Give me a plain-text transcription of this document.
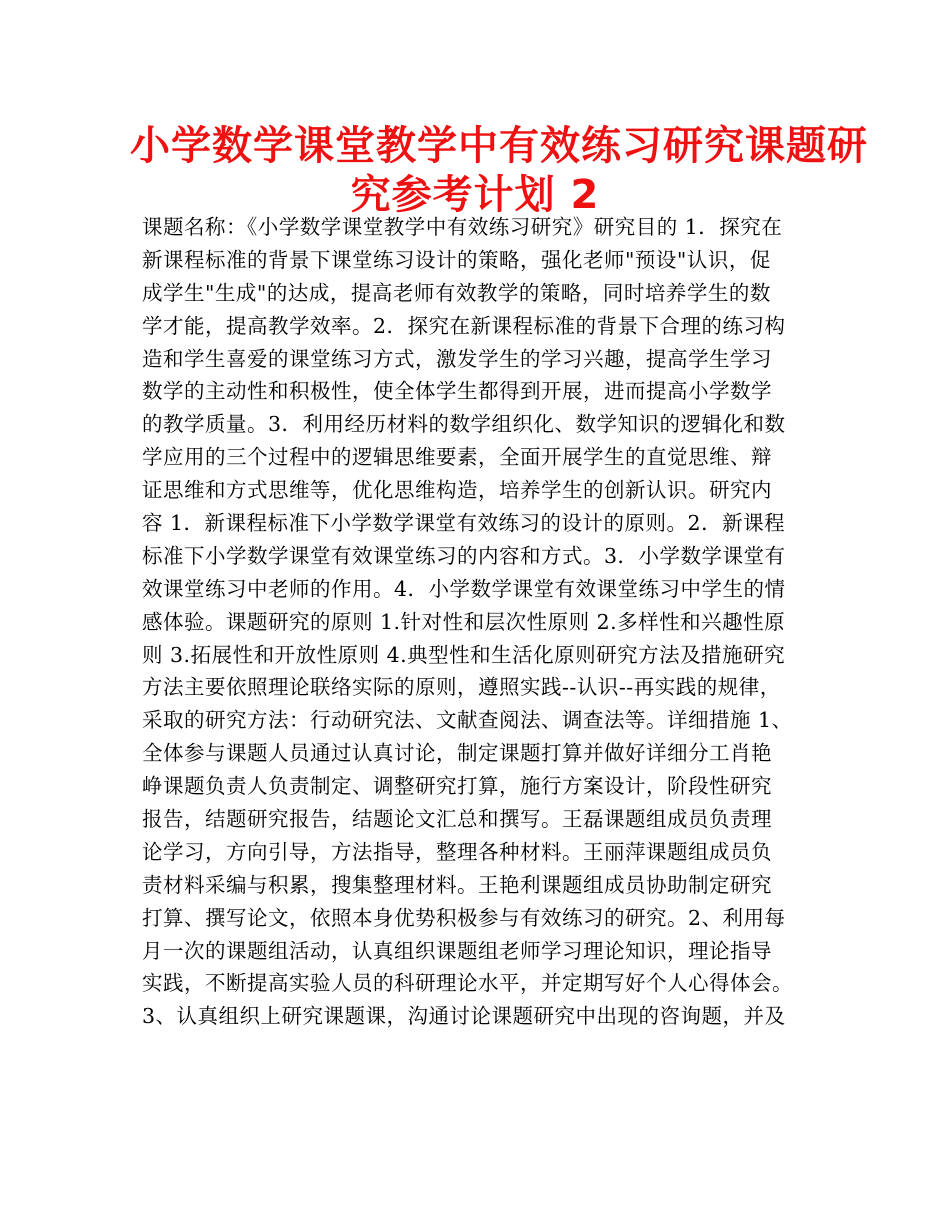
小学数学课堂教学中有效练习研究课题研
究参考计划 2
课题名称：《小学数学课堂教学中有效练习研究》研究目的 1．探究在
新课程标准的背景下课堂练习设计的策略，强化老师"预设"认识，促
成学生"生成"的达成，提高老师有效教学的策略，同时培养学生的数
学才能，提高教学效率。2．探究在新课程标准的背景下合理的练习构
造和学生喜爱的课堂练习方式，激发学生的学习兴趣，提高学生学习
数学的主动性和积极性，使全体学生都得到开展，进而提高小学数学
的教学质量。3．利用经历材料的数学组织化、数学知识的逻辑化和数
学应用的三个过程中的逻辑思维要素，全面开展学生的直觉思维、辩
证思维和方式思维等，优化思维构造，培养学生的创新认识。研究内
容 1．新课程标准下小学数学课堂有效练习的设计的原则。2．新课程
标准下小学数学课堂有效课堂练习的内容和方式。3．小学数学课堂有
效课堂练习中老师的作用。4．小学数学课堂有效课堂练习中学生的情
感体验。课题研究的原则 1.针对性和层次性原则 2.多样性和兴趣性原
则 3.拓展性和开放性原则 4.典型性和生活化原则研究方法及措施研究
方法主要依照理论联络实际的原则，遵照实践--认识--再实践的规律，
采取的研究方法：行动研究法、文献查阅法、调查法等。详细措施 1、
全体参与课题人员通过认真讨论，制定课题打算并做好详细分工肖艳
峥课题负责人负责制定、调整研究打算，施行方案设计，阶段性研究
报告，结题研究报告，结题论文汇总和撰写。王磊课题组成员负责理
论学习，方向引导，方法指导，整理各种材料。王丽萍课题组成员负
责材料采编与积累，搜集整理材料。王艳利课题组成员协助制定研究
打算、撰写论文，依照本身优势积极参与有效练习的研究。2、利用每
月一次的课题组活动，认真组织课题组老师学习理论知识，理论指导
实践，不断提高实验人员的科研理论水平，并定期写好个人心得体会。
3、认真组织上研究课题课，沟通讨论课题研究中出现的咨询题，并及
